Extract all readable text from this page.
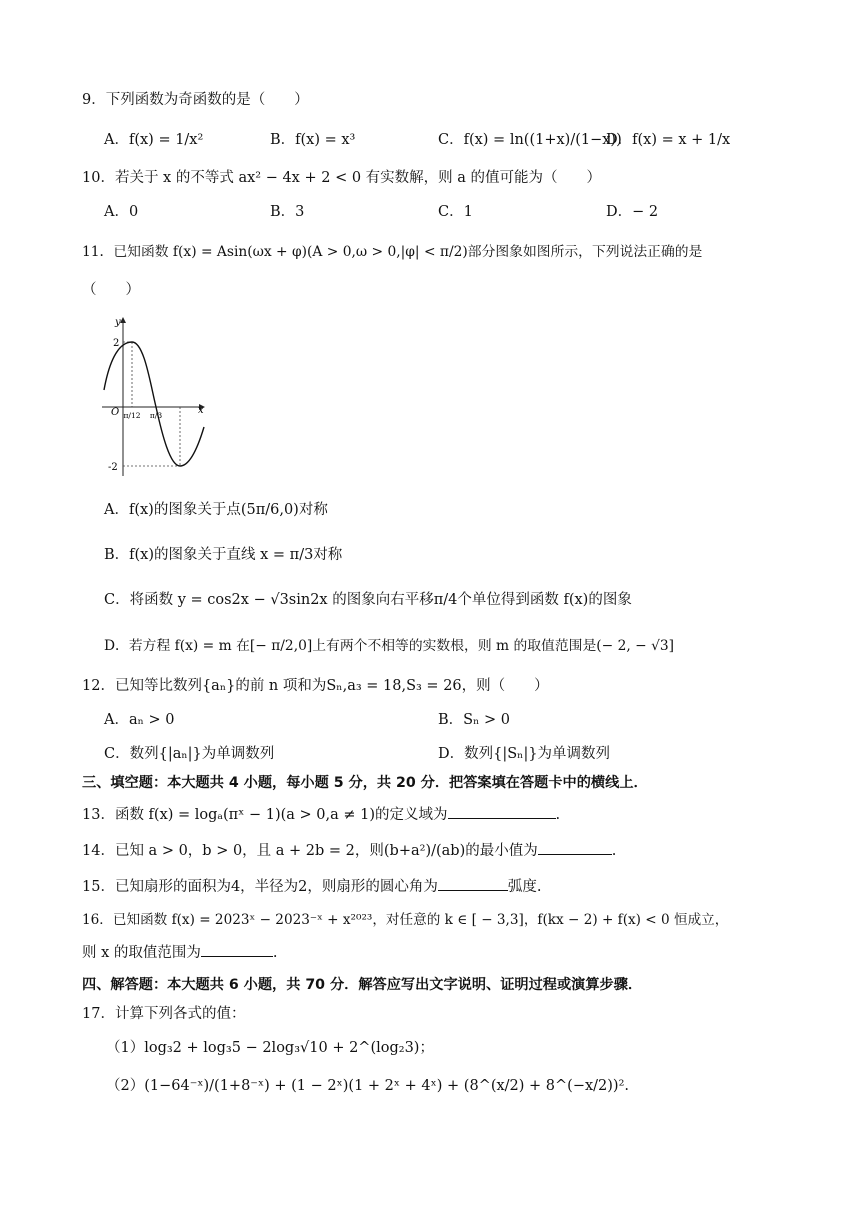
9．下列函数为奇函数的是（　　）
A．f(x) = 1/x²	B．f(x) = x³	C．f(x) = ln((1+x)/(1−x))
D．f(x) = x + 1/x
10．若关于 x 的不等式 ax² − 4x + 2 < 0 有实数解，则 a 的值可能为（　　）
A．0	B．3	C．1	D．− 2
11．已知函数 f(x) = Asin(ωx + φ)(A > 0,ω > 0,|φ| < π/2)部分图象如图所示，下列说法正确的是
（　　）
y
x
O
2
-2
π/12 π/3
A．f(x)的图象关于点(5π/6,0)对称
B．f(x)的图象关于直线 x = π/3对称
C．将函数 y = cos2x − √3sin2x 的图象向右平移π/4个单位得到函数 f(x)的图象
D．若方程 f(x) = m 在[− π/2,0]上有两个不相等的实数根，则 m 的取值范围是(− 2, − √3]
12．已知等比数列{aₙ}的前 n 项和为Sₙ,a₃ = 18,S₃ = 26，则（　　）
A．aₙ > 0	B．Sₙ > 0
C．数列{|aₙ|}为单调数列	D．数列{|Sₙ|}为单调数列
三、填空题：本大题共 4 小题，每小题 5 分，共 20 分．把答案填在答题卡中的横线上．
13．函数 f(x) = logₐ(πˣ − 1)(a > 0,a ≠ 1)的定义域为	.
14．已知 a > 0，b > 0，且 a + 2b = 2，则(b+a²)/(ab)的最小值为	.
15．已知扇形的面积为4，半径为2，则扇形的圆心角为	弧度.
16．已知函数 f(x) = 2023ˣ − 2023⁻ˣ + x²⁰²³，对任意的 k ∈ [ − 3,3]，f(kx − 2) + f(x) < 0 恒成立，
则 x 的取值范围为	.
四、解答题：本大题共 6 小题，共 70 分．解答应写出文字说明、证明过程或演算步骤．
17．计算下列各式的值：
（1）log₃2 + log₃5 − 2log₃√10 + 2^(log₂3)；
（2）(1−64⁻ˣ)/(1+8⁻ˣ) + (1 − 2ˣ)(1 + 2ˣ + 4ˣ) + (8^(x/2) + 8^(−x/2))².
